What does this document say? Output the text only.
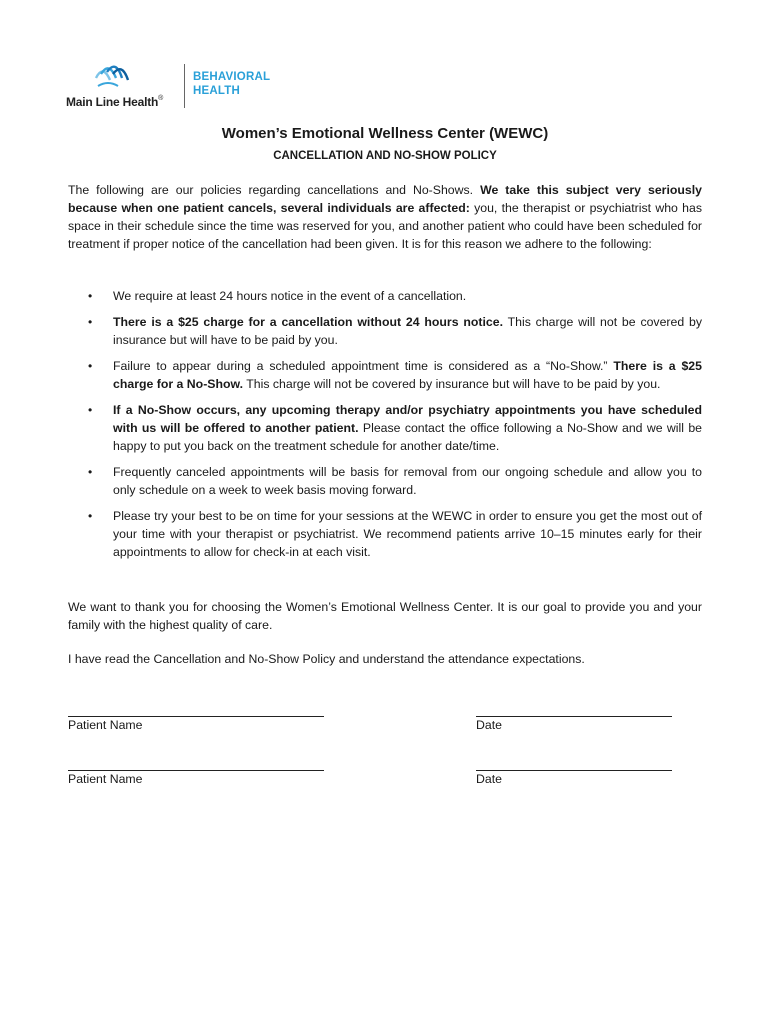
Main Line Health®
BEHAVIORAL
HEALTH
Women’s Emotional Wellness Center (WEWC)
CANCELLATION AND NO-SHOW POLICY
The following are our policies regarding cancellations and No-Shows. We take this subject very seriously because when one patient cancels, several individuals are affected: you, the therapist or psychiatrist who has space in their schedule since the time was reserved for you, and another patient who could have been scheduled for treatment if proper notice of the cancellation had been given. It is for this reason we adhere to the following:
• We require at least 24 hours notice in the event of a cancellation.
• There is a $25 charge for a cancellation without 24 hours notice. This charge will not be covered by insurance but will have to be paid by you.
• Failure to appear during a scheduled appointment time is considered as a “No-Show.” There is a $25 charge for a No-Show. This charge will not be covered by insurance but will have to be paid by you.
• If a No-Show occurs, any upcoming therapy and/or psychiatry appointments you have scheduled with us will be offered to another patient. Please contact the office following a No-Show and we will be happy to put you back on the treatment schedule for another date/time.
• Frequently canceled appointments will be basis for removal from our ongoing schedule and allow you to only schedule on a week to week basis moving forward.
• Please try your best to be on time for your sessions at the WEWC in order to ensure you get the most out of your time with your therapist or psychiatrist. We recommend patients arrive 10–15 minutes early for their appointments to allow for check-in at each visit.
We want to thank you for choosing the Women’s Emotional Wellness Center. It is our goal to provide you and your family with the highest quality of care.
I have read the Cancellation and No-Show Policy and understand the attendance expectations.
Patient Name	Date
Patient Name	Date
